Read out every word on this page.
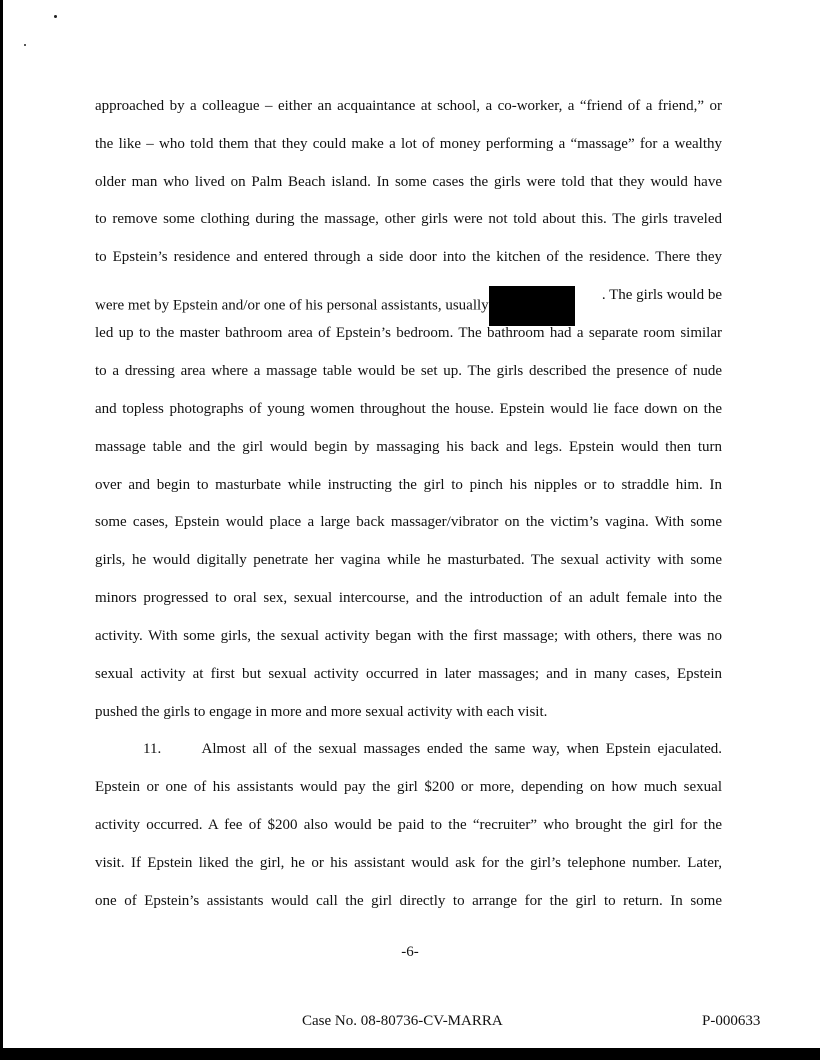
approached by a colleague – either an acquaintance at school, a co-worker, a “friend of a friend,” or
the like – who told them that they could make a lot of money performing a “massage” for a wealthy
older man who lived on Palm Beach island. In some cases the girls were told that they would have
to remove some clothing during the massage, other girls were not told about this. The girls traveled
to Epstein’s residence and entered through a side door into the kitchen of the residence. There they
were met by Epstein and/or one of his personal assistants, usually
. The girls would be
led up to the master bathroom area of Epstein’s bedroom. The bathroom had a separate room similar
to a dressing area where a massage table would be set up. The girls described the presence of nude
and topless photographs of young women throughout the house. Epstein would lie face down on the
massage table and the girl would begin by massaging his back and legs. Epstein would then turn
over and begin to masturbate while instructing the girl to pinch his nipples or to straddle him. In
some cases, Epstein would place a large back massager/vibrator on the victim’s vagina. With some
girls, he would digitally penetrate her vagina while he masturbated. The sexual activity with some
minors progressed to oral sex, sexual intercourse, and the introduction of an adult female into the
activity. With some girls, the sexual activity began with the first massage; with others, there was no
sexual activity at first but sexual activity occurred in later massages; and in many cases, Epstein
pushed the girls to engage in more and more sexual activity with each visit.
11.      Almost all of the sexual massages ended the same way, when Epstein ejaculated.
Epstein or one of his assistants would pay the girl $200 or more, depending on how much sexual
activity occurred. A fee of $200 also would be paid to the “recruiter” who brought the girl for the
visit. If Epstein liked the girl, he or his assistant would ask for the girl’s telephone number. Later,
one of Epstein’s assistants would call the girl directly to arrange for the girl to return. In some
-6-
Case No. 08-80736-CV-MARRA	P-000633
